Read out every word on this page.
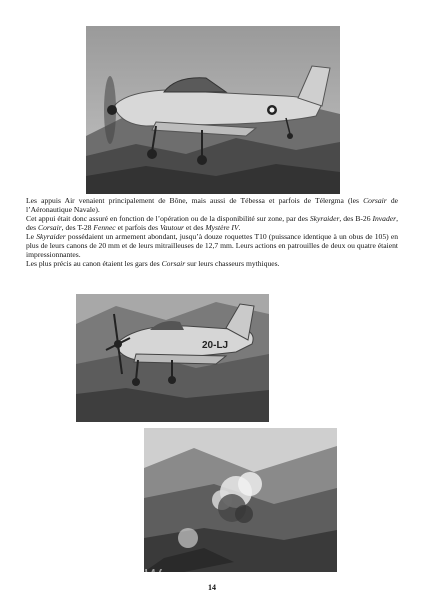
Les appuis Air venaient principalement de Bône, mais aussi de Tébessa et parfois de Télergma (les Corsair de l’Aéronautique Navale).

Cet appui était donc assuré en fonction de l’opération ou de la disponibilité sur zone, par des Skyraider, des B-26 Invader, des Corsair, des T-28 Fennec et parfois des Vautour et des Mystère IV.

Le Skyraider possédaient un armement abondant, jusqu’à douze roquettes T10 (puissance identique à un obus de 105) en plus de leurs canons de 20 mm et de leurs mitrailleuses de 12,7 mm. Leurs actions en patrouilles de deux ou quatre étaient impressionnantes.

Les plus précis au canon étaient les gars des Corsair sur leurs chasseurs mythiques.

20-LJ
M.F.V.T.W.
14
